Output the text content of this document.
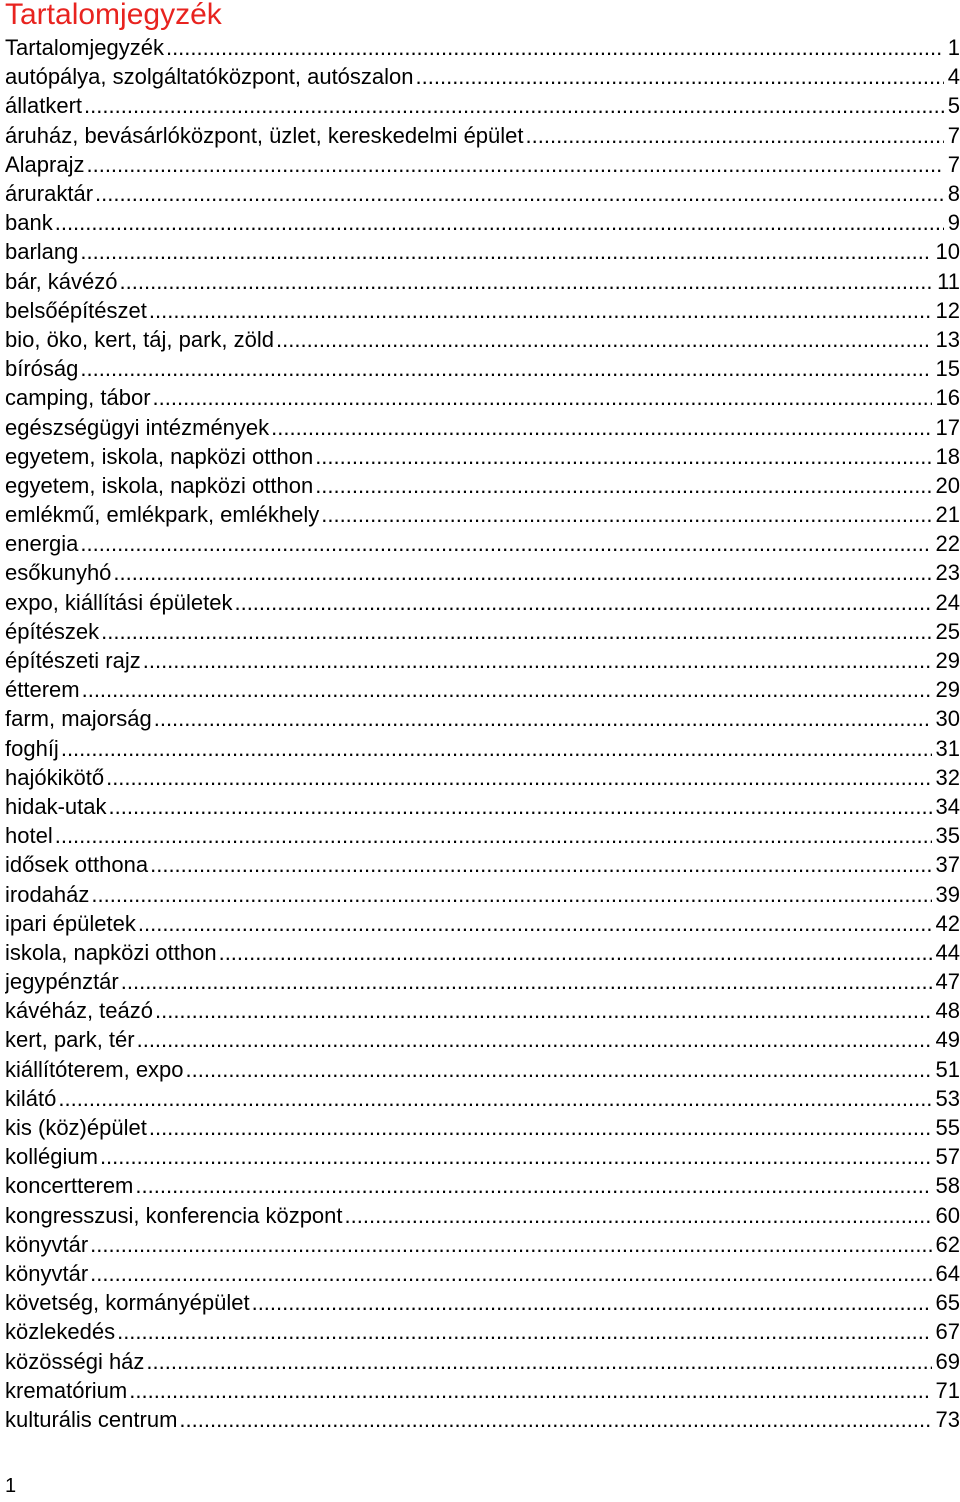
Tartalomjegyzék
Tartalomjegyzék .....	1
autópálya, szolgáltatóközpont, autószalon .....	4
állatkert .....	5
áruház, bevásárlóközpont, üzlet, kereskedelmi épület .....	7
Alaprajz .....	7
áruraktár .....	8
bank .....	9
barlang .....	10
bár, kávézó .....	11
belsőépítészet .....	12
bio, öko, kert, táj, park, zöld .....	13
bíróság .....	15
camping, tábor .....	16
egészségügyi intézmények .....	17
egyetem, iskola, napközi otthon .....	18
egyetem, iskola, napközi otthon .....	20
emlékmű, emlékpark, emlékhely .....	21
energia .....	22
esőkunyhó .....	23
expo, kiállítási épületek .....	24
építészek .....	25
építészeti rajz .....	29
étterem .....	29
farm, majorság .....	30
foghíj .....	31
hajókikötő .....	32
hidak-utak .....	34
hotel .....	35
idősek otthona .....	37
irodaház .....	39
ipari épületek .....	42
iskola, napközi otthon .....	44
jegypénztár .....	47
kávéház, teázó .....	48
kert, park, tér .....	49
kiállítóterem, expo .....	51
kilátó .....	53
kis (köz)épület .....	55
kollégium .....	57
koncertterem .....	58
kongresszusi, konferencia központ .....	60
könyvtár .....	62
könyvtár .....	64
követség, kormányépület .....	65
közlekedés .....	67
közösségi ház .....	69
krematórium .....	71
kulturális centrum .....	73
1
